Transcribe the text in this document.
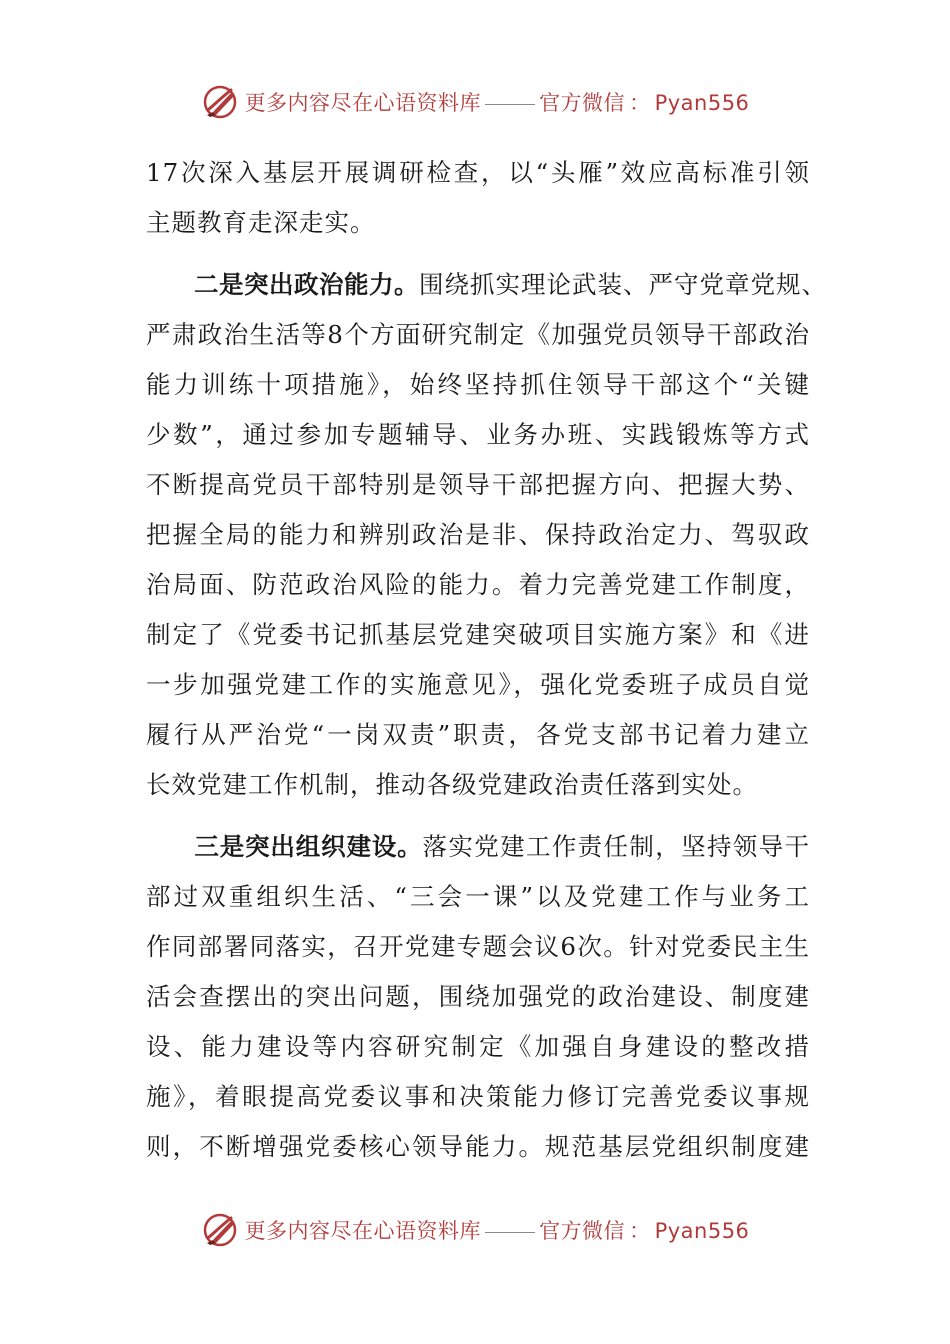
更多内容尽在心语资料库	官方微信 ： Pyan556
17次深入基层开展调研检查，以“头雁”效应高标准引领
主题教育走深走实。
二是突出政治能力。围绕抓实理论武装、严守党章党规、
严肃政治生活等8个方面研究制定《加强党员领导干部政治
能力训练十项措施》，始终坚持抓住领导干部这个“关键
少数”，通过参加专题辅导、业务办班、实践锻炼等方式
不断提高党员干部特别是领导干部把握方向、把握大势、
把握全局的能力和辨别政治是非、保持政治定力、驾驭政
治局面、防范政治风险的能力。着力完善党建工作制度，
制定了《党委书记抓基层党建突破项目实施方案》和《进
一步加强党建工作的实施意见》，强化党委班子成员自觉
履行从严治党“一岗双责”职责，各党支部书记着力建立
长效党建工作机制，推动各级党建政治责任落到实处。
三是突出组织建设。落实党建工作责任制，坚持领导干
部过双重组织生活、“三会一课”以及党建工作与业务工
作同部署同落实，召开党建专题会议6次。针对党委民主生
活会查摆出的突出问题，围绕加强党的政治建设、制度建
设、能力建设等内容研究制定《加强自身建设的整改措
施》，着眼提高党委议事和决策能力修订完善党委议事规
则，不断增强党委核心领导能力。规范基层党组织制度建
更多内容尽在心语资料库	官方微信 ： Pyan556
